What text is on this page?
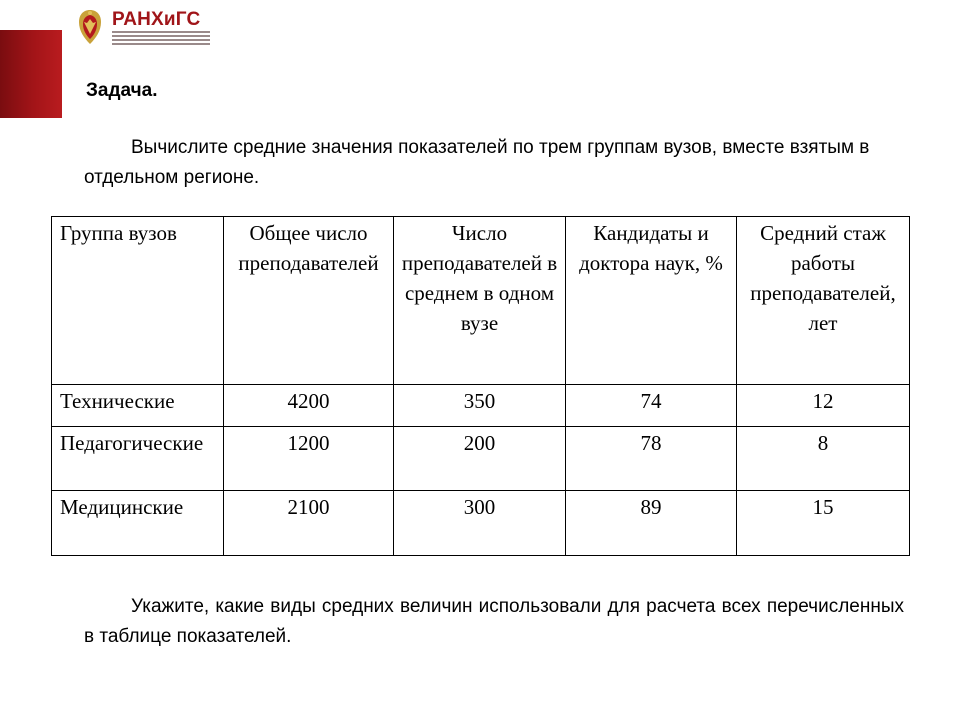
РАНХиГС
Задача.
Вычислите средние значения показателей по трем группам вузов, вместе взятым в отдельном регионе.
Группа вузов	Общее число преподавателей	Число преподавателей в среднем в одном вузе	Кандидаты и доктора наук, %	Средний стаж работы преподавателей, лет
Технические	4200	350	74	12
Педагогические	1200	200	78	8
Медицинские	2100	300	89	15
Укажите, какие виды средних величин использовали для расчета всех перечисленных в таблице показателей.
